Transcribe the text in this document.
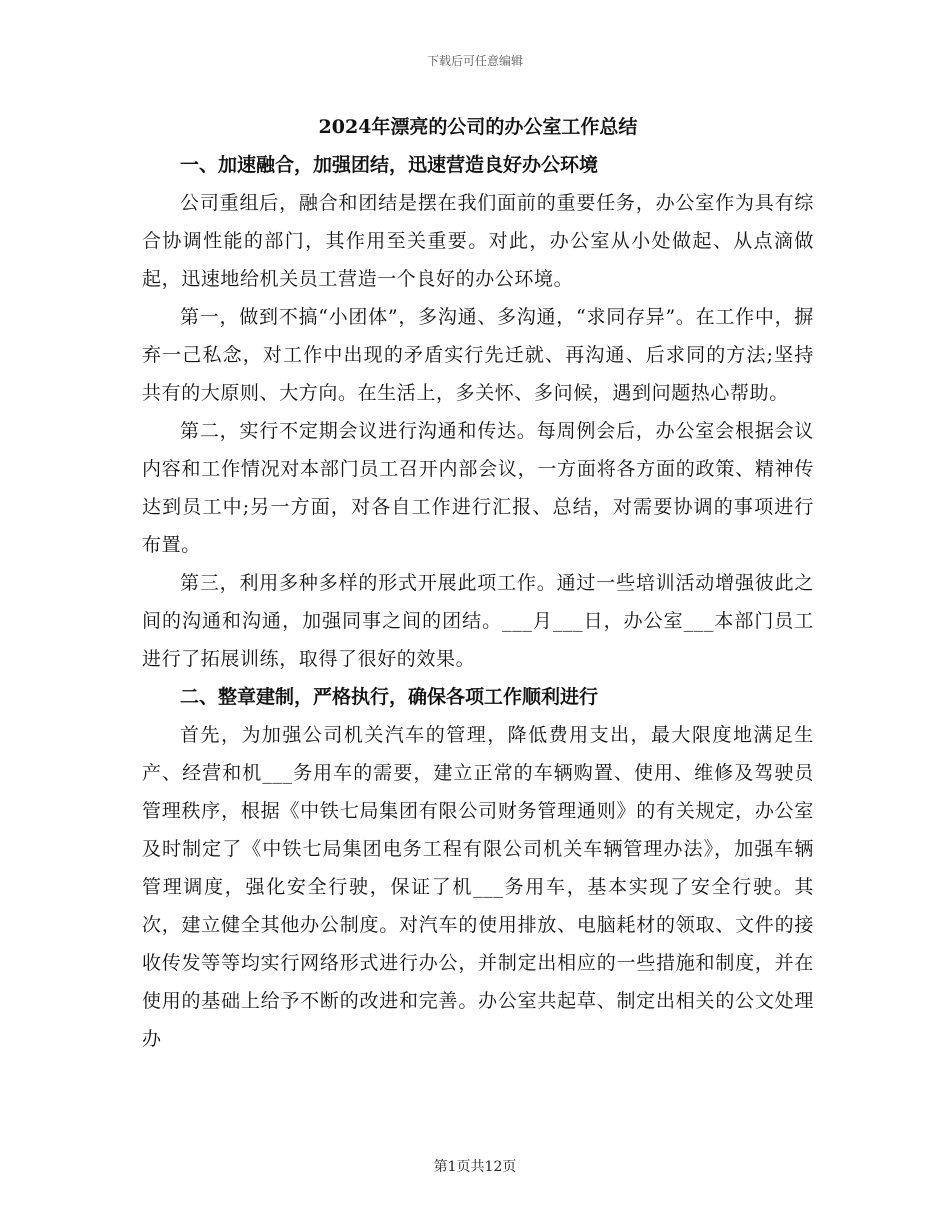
下载后可任意编辑
2024年漂亮的公司的办公室工作总结
一、加速融合，加强团结，迅速营造良好办公环境

公司重组后，融合和团结是摆在我们面前的重要任务，办公室作为具有综合协调性能的部门，其作用至关重要。对此，办公室从小处做起、从点滴做起，迅速地给机关员工营造一个良好的办公环境。

第一，做到不搞“小团体”，多沟通、多沟通，“求同存异”。在工作中，摒弃一己私念，对工作中出现的矛盾实行先迁就、再沟通、后求同的方法;坚持共有的大原则、大方向。在生活上，多关怀、多问候，遇到问题热心帮助。

第二，实行不定期会议进行沟通和传达。每周例会后，办公室会根据会议内容和工作情况对本部门员工召开内部会议，一方面将各方面的政策、精神传达到员工中;另一方面，对各自工作进行汇报、总结，对需要协调的事项进行布置。

第三，利用多种多样的形式开展此项工作。通过一些培训活动增强彼此之间的沟通和沟通，加强同事之间的团结。___月___日，办公室___本部门员工进行了拓展训练，取得了很好的效果。

二、整章建制，严格执行，确保各项工作顺利进行

首先，为加强公司机关汽车的管理，降低费用支出，最大限度地满足生产、经营和机___务用车的需要，建立正常的车辆购置、使用、维修及驾驶员管理秩序，根据《中铁七局集团有限公司财务管理通则》的有关规定，办公室及时制定了《中铁七局集团电务工程有限公司机关车辆管理办法》，加强车辆管理调度，强化安全行驶，保证了机___务用车，基本实现了安全行驶。其次，建立健全其他办公制度。对汽车的使用排放、电脑耗材的领取、文件的接收传发等等均实行网络形式进行办公，并制定出相应的一些措施和制度，并在使用的基础上给予不断的改进和完善。办公室共起草、制定出相关的公文处理办

第1页共12页
